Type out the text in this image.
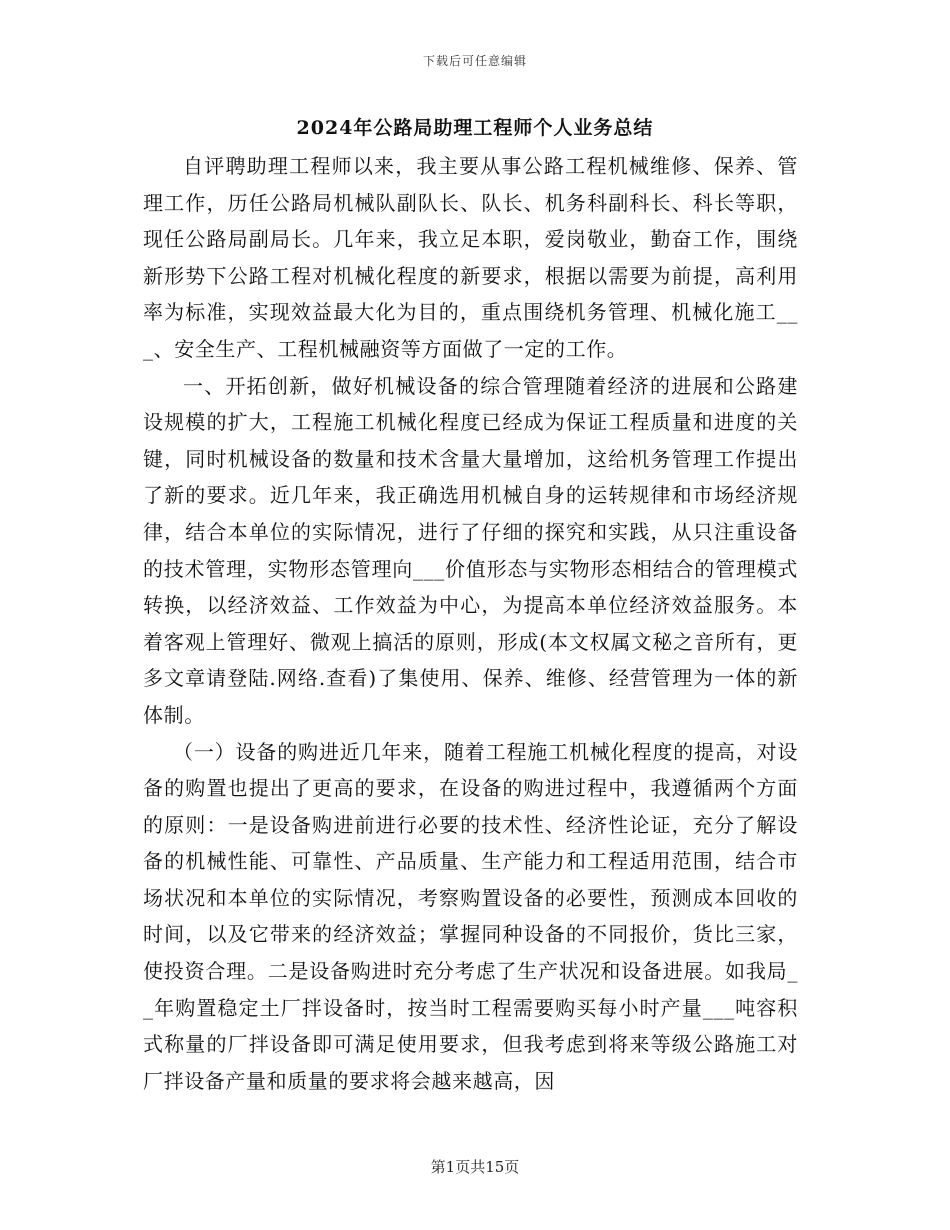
下载后可任意编辑
2024年公路局助理工程师个人业务总结

自评聘助理工程师以来，我主要从事公路工程机械维修、保养、管理工作，历任公路局机械队副队长、队长、机务科副科长、科长等职，现任公路局副局长。几年来，我立足本职，爱岗敬业，勤奋工作，围绕新形势下公路工程对机械化程度的新要求，根据以需要为前提，高利用率为标准，实现效益最大化为目的，重点围绕机务管理、机械化施工___、安全生产、工程机械融资等方面做了一定的工作。

一、开拓创新，做好机械设备的综合管理随着经济的进展和公路建设规模的扩大，工程施工机械化程度已经成为保证工程质量和进度的关键，同时机械设备的数量和技术含量大量增加，这给机务管理工作提出了新的要求。近几年来，我正确选用机械自身的运转规律和市场经济规律，结合本单位的实际情况，进行了仔细的探究和实践，从只注重设备的技术管理，实物形态管理向___价值形态与实物形态相结合的管理模式转换，以经济效益、工作效益为中心，为提高本单位经济效益服务。本着客观上管理好、微观上搞活的原则，形成(本文权属文秘之音所有，更多文章请登陆.网络.查看)了集使用、保养、维修、经营管理为一体的新体制。

（一）设备的购进近几年来，随着工程施工机械化程度的提高，对设备的购置也提出了更高的要求，在设备的购进过程中，我遵循两个方面的原则：一是设备购进前进行必要的技术性、经济性论证，充分了解设备的机械性能、可靠性、产品质量、生产能力和工程适用范围，结合市场状况和本单位的实际情况，考察购置设备的必要性，预测成本回收的时间，以及它带来的经济效益；掌握同种设备的不同报价，货比三家，使投资合理。二是设备购进时充分考虑了生产状况和设备进展。如我局__年购置稳定土厂拌设备时，按当时工程需要购买每小时产量___吨容积式称量的厂拌设备即可满足使用要求，但我考虑到将来等级公路施工对厂拌设备产量和质量的要求将会越来越高，因

第1页共15页
